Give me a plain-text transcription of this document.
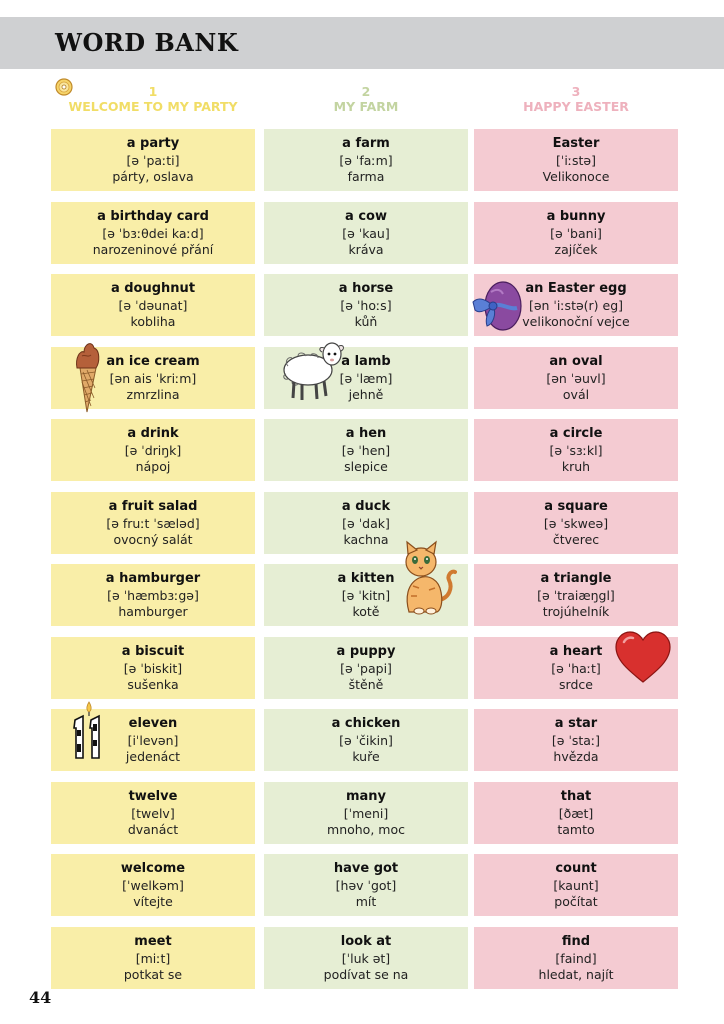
WORD BANK
1
WELCOME TO MY PARTY
2
MY FARM
3
HAPPY EASTER
a party
[ə ˈpaːti]
párty, oslava
a birthday card
[ə ˈbɜːθdei kaːd]
narozeninové přání
a doughnut
[ə ˈdəunat]
kobliha
an ice cream
[ən ais ˈkriːm]
zmrzlina
a drink
[ə ˈdriŋk]
nápoj
a fruit salad
[ə fruːt ˈsæləd]
ovocný salát
a hamburger
[ə ˈhæmbɜːgə]
hamburger
a biscuit
[ə ˈbiskit]
sušenka
eleven
[iˈlevən]
jedenáct
twelve
[twelv]
dvanáct
welcome
[ˈwelkəm]
vítejte
meet
[miːt]
potkat se
a farm
[ə ˈfaːm]
farma
a cow
[ə ˈkau]
kráva
a horse
[ə ˈhoːs]
kůň
a lamb
[ə ˈlæm]
jehně
a hen
[ə ˈhen]
slepice
a duck
[ə ˈdak]
kachna
a kitten
[ə ˈkitn]
kotě
a puppy
[ə ˈpapi]
štěně
a chicken
[ə ˈčikin]
kuře
many
[ˈmeni]
mnoho, moc
have got
[həv ˈgot]
mít
look at
[ˈluk ət]
podívat se na
Easter
[ˈiːstə]
Velikonoce
a bunny
[ə ˈbani]
zajíček
an Easter egg
[ən ˈiːstə(r) eg]
velikonoční vejce
an oval
[ən ˈəuvl]
ovál
a circle
[ə ˈsɜːkl]
kruh
a square
[ə ˈskweə]
čtverec
a triangle
[ə ˈtraiæŋgl]
trojúhelník
a heart
[ə ˈhaːt]
srdce
a star
[ə ˈstaː]
hvězda
that
[ðæt]
tamto
count
[kaunt]
počítat
find
[faind]
hledat, najít
44
